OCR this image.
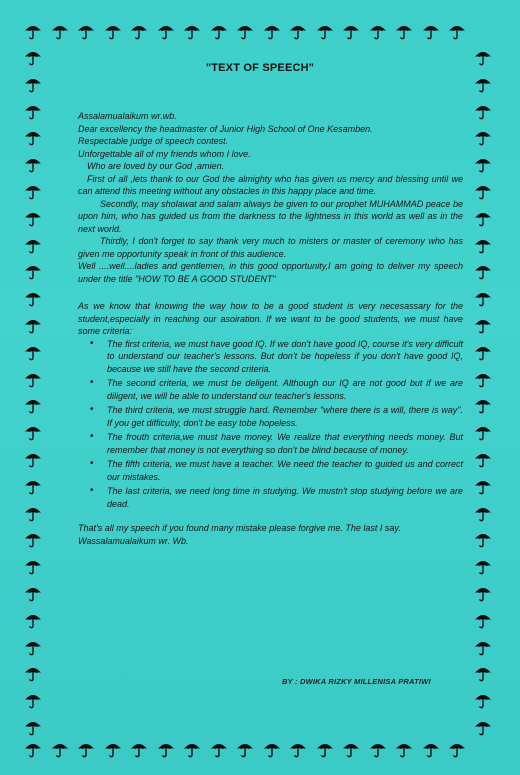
"TEXT OF SPEECH"

Assalamualaikum wr.wb.

Dear excellency the headmaster of Junior High School of One Kesamben.

Respectable judge of speech contest.

Unforgettable all of my friends whom I love.

Who are loved by our God ,amien.

First of all ,lets thank to our God the almighty who has given us mercy and blessing until we can attend this meeting without any obstacles in this happy place and time.

Secondly, may sholawat and salam always be given to our prophet MUHAMMAD peace be upon him, who has guided us from the darkness to the lightness in this world as well as in the next world.

Thirdly, I don't forget to say thank very much to misters or master of ceremony who has given me opportunity speak in front of this audience.

Well ....well....ladies and gentlemen, in this good opportunity,I am going to deliver my speech under the title "HOW TO BE A GOOD STUDENT"

As we know that knowing the way how to be a good student is very necesassary for the student,especially in reaching our asoiration. If we want to be good students, we must have some criteria:

• The first criteria, we must have good IQ. If we don't have good IQ, course it's very difficult to understand our teacher's lessons. But don't be hopeless if you don't have good IQ, because we still have the second criteria.
• The second criteria, we must be deligent. Although our IQ are not good but if we are diligent, we will be able to understand our teacher's lessons.
• The third criteria, we must struggle hard. Remember "where there is a will, there is way". If you get difficulty, don't be easy tobe hopeless.
• The frouth criteria,we must have money. We realize that everything needs money. But remember that money is not everything so don't be blind because of money.
• The fifth criteria, we must have a teacher. We need the teacher to guided us and correct our mistakes.
• The last criteria, we need long time in studying. We mustn't stop studying before we are dead.

That's all my speech if you found many mistake please forgive me. The last I say.

Wassalamualaikum wr. Wb.

BY : DWIKA RIZKY MILLENISA PRATIWI
